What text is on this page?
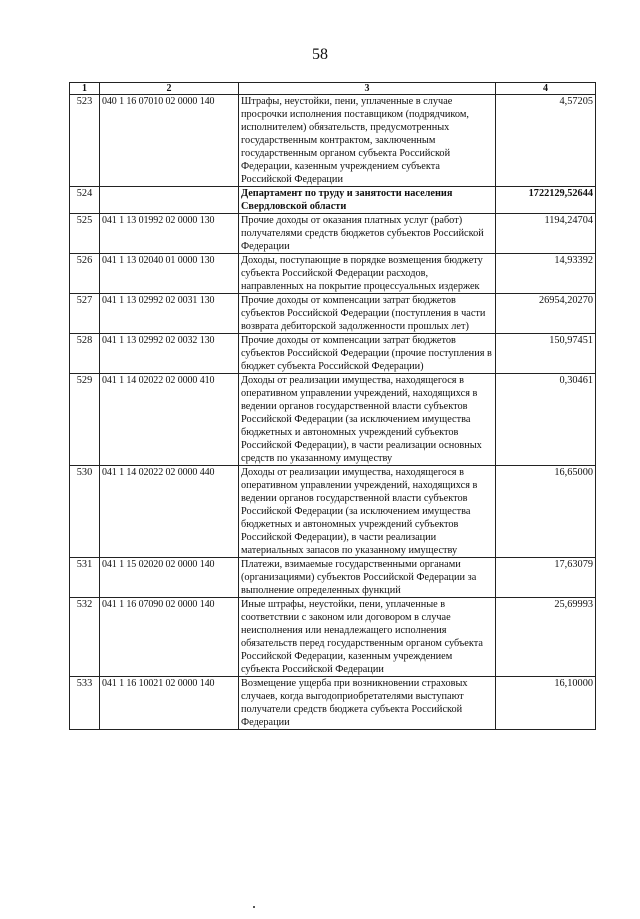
58
1	2	3	4
523	040 1 16 07010 02 0000 140	Штрафы, неустойки, пени, уплаченные в случае просрочки исполнения поставщиком (подрядчиком, исполнителем) обязательств, предусмотренных государственным контрактом, заключенным государственным органом субъекта Российской Федерации, казенным учреждением субъекта Российской Федерации	4,57205
524		Департамент по труду и занятости населения Свердловской области	1722129,52644
525	041 1 13 01992 02 0000 130	Прочие доходы от оказания платных услуг (работ) получателями средств бюджетов субъектов Российской Федерации	1194,24704
526	041 1 13 02040 01 0000 130	Доходы, поступающие в порядке возмещения бюджету субъекта Российской Федерации расходов, направленных на покрытие процессуальных издержек	14,93392
527	041 1 13 02992 02 0031 130	Прочие доходы от компенсации затрат бюджетов субъектов Российской Федерации (поступления в части возврата дебиторской задолженности прошлых лет)	26954,20270
528	041 1 13 02992 02 0032 130	Прочие доходы от компенсации затрат бюджетов субъектов Российской Федерации (прочие поступления в бюджет субъекта Российской Федерации)	150,97451
529	041 1 14 02022 02 0000 410	Доходы от реализации имущества, находящегося в оперативном управлении учреждений, находящихся в ведении органов государственной власти субъектов Российской Федерации (за исключением имущества бюджетных и автономных учреждений субъектов Российской Федерации), в части реализации основных средств по указанному имуществу	0,30461
530	041 1 14 02022 02 0000 440	Доходы от реализации имущества, находящегося в оперативном управлении учреждений, находящихся в ведении органов государственной власти субъектов Российской Федерации (за исключением имущества бюджетных и автономных учреждений субъектов Российской Федерации), в части реализации материальных запасов по указанному имуществу	16,65000
531	041 1 15 02020 02 0000 140	Платежи, взимаемые государственными органами (организациями) субъектов Российской Федерации за выполнение определенных функций	17,63079
532	041 1 16 07090 02 0000 140	Иные штрафы, неустойки, пени, уплаченные в соответствии с законом или договором в случае неисполнения или ненадлежащего исполнения обязательств перед государственным органом субъекта Российской Федерации, казенным учреждением субъекта Российской Федерации	25,69993
533	041 1 16 10021 02 0000 140	Возмещение ущерба при возникновении страховых случаев, когда выгодоприобретателями выступают получатели средств бюджета субъекта Российской Федерации	16,10000
